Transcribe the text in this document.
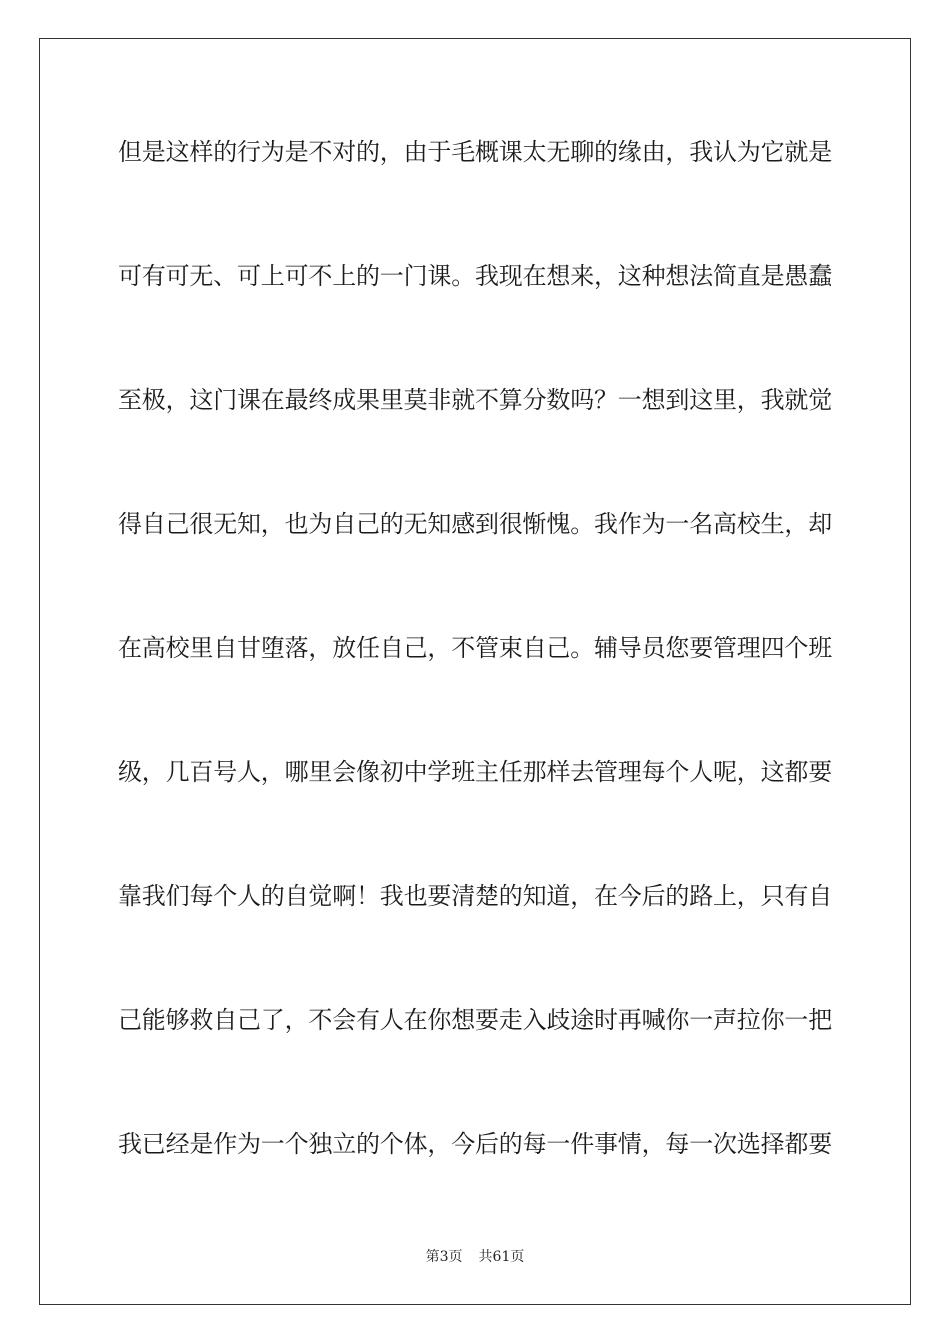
但是这样的行为是不对的，由于毛概课太无聊的缘由，我认为它就是
可有可无、可上可不上的一门课。我现在想来，这种想法简直是愚蠢
至极，这门课在最终成果里莫非就不算分数吗？一想到这里，我就觉
得自己很无知，也为自己的无知感到很惭愧。我作为一名高校生，却
在高校里自甘堕落，放任自己，不管束自己。辅导员您要管理四个班
级，几百号人，哪里会像初中学班主任那样去管理每个人呢，这都要
靠我们每个人的自觉啊！我也要清楚的知道，在今后的路上，只有自
己能够救自己了，不会有人在你想要走入歧途时再喊你一声拉你一把
我已经是作为一个独立的个体，今后的每一件事情，每一次选择都要
第3页 共61页
